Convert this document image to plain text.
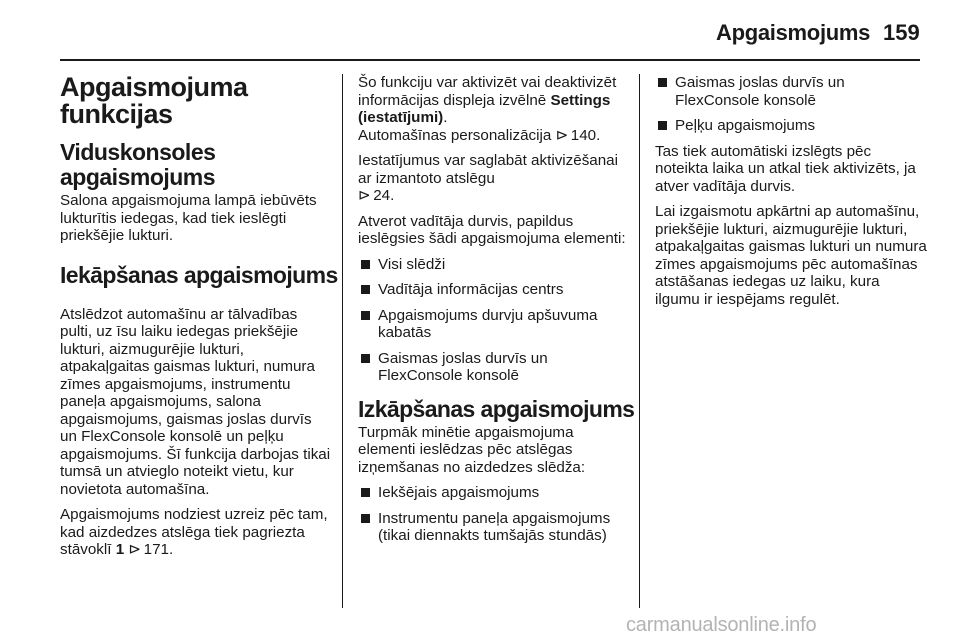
Apgaismojums 159
Apgaismojuma funkcijas
Viduskonsoles apgaismojums

Salona apgaismojuma lampā iebūvēts lukturītis iedegas, kad tiek ieslēgti priekšējie lukturi.

Iekāpšanas apgaismojums

Atslēdzot automašīnu ar tālvadības pulti, uz īsu laiku iedegas priekšējie lukturi, aizmugurējie lukturi, atpakaļgaitas gaismas lukturi, numura zīmes apgaismojums, instrumentu paneļa apgaismojums, salona apgaismojums, gaismas joslas durvīs un FlexConsole konsolē un peļķu apgaismojums. Šī funkcija darbojas tikai tumsā un atvieglo noteikt vietu, kur novietota automašīna.

Apgaismojums nodziest uzreiz pēc tam, kad aizdedzes atslēga tiek pagriezta stāvoklī 1 ⊳ 171.

Šo funkciju var aktivizēt vai deaktivizēt informācijas displeja izvēlnē Settings (iestatījumi).
Automašīnas personalizācija ⊳ 140.

Iestatījumus var saglabāt aktivizēšanai ar izmantoto atslēgu
⊳ 24.

Atverot vadītāja durvis, papildus ieslēgsies šādi apgaismojuma elementi:

Visi slēdži
Vadītāja informācijas centrs
Apgaismojums durvju apšuvuma kabatās
Gaismas joslas durvīs un FlexConsole konsolē
Izkāpšanas apgaismojums

Turpmāk minētie apgaismojuma elementi ieslēdzas pēc atslēgas izņemšanas no aizdedzes slēdža:

Iekšējais apgaismojums
Instrumentu paneļa apgaismojums (tikai diennakts tumšajās stundās)
Gaismas joslas durvīs un FlexConsole konsolē
Peļķu apgaismojums

Tas tiek automātiski izslēgts pēc noteikta laika un atkal tiek aktivizēts, ja atver vadītāja durvis.

Lai izgaismotu apkārtni ap automašīnu, priekšējie lukturi, aizmugurējie lukturi, atpakaļgaitas gaismas lukturi un numura zīmes apgaismojums pēc automašīnas atstāšanas iedegas uz laiku, kura ilgumu ir iespējams regulēt.

carmanualsonline.info
